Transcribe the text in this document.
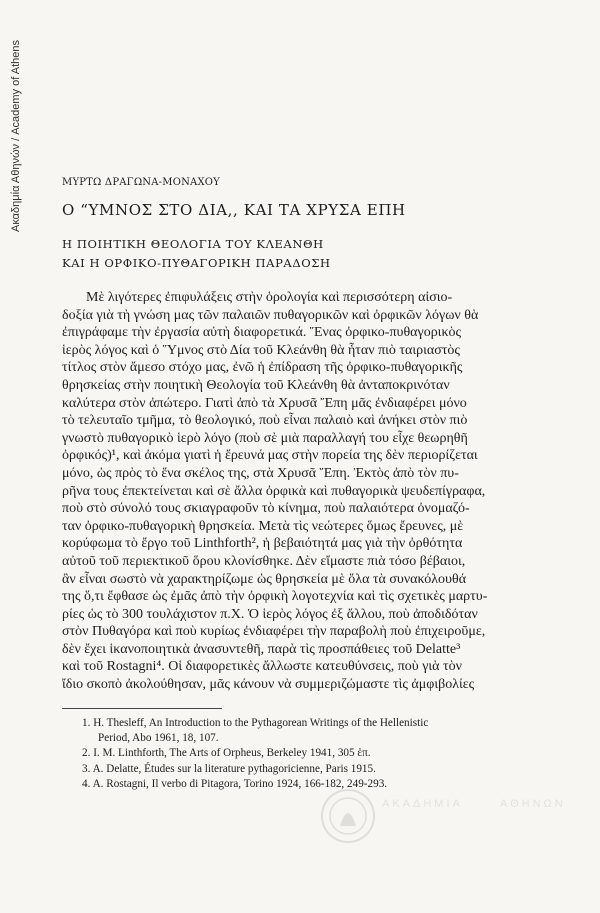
Ακαδημία Αθηνών / Academy of Athens	ΜΥΡΤΩ ΔΡΑΓΩΝΑ-ΜΟΝΑΧΟΥ
Ο “ΥΜΝΟΣ ΣΤΟ ΔΙΑ,, ΚΑΙ ΤΑ ΧΡΥΣΑ ΕΠΗ
Η ΠΟΙΗΤΙΚΗ ΘΕΟΛΟΓΙΑ ΤΟΥ ΚΛΕΑΝΘΗ
ΚΑΙ Η ΟΡΦΙΚΟ-ΠΥΘΑΓΟΡΙΚΗ ΠΑΡΑΔΟΣΗ
Μὲ λιγότερες ἐπιφυλάξεις στὴν ὁρολογία καὶ περισσότερη αἰσιο-
δοξία γιὰ τὴ γνώση μας τῶν παλαιῶν πυθαγορικῶν καὶ ὀρφικῶν λόγων θὰ
ἐπιγράφαμε τὴν ἐργασία αὐτὴ διαφορετικά. Ἕνας ὀρφικο-πυθαγορικὸς
ἱερὸς λόγος καὶ ὁ Ὕμνος στὸ Δία τοῦ Κλεάνθη θὰ ἦταν πιὸ ταιριαστὸς
τίτλος στὸν ἄμεσο στόχο μας, ἐνῶ ἡ ἐπίδραση τῆς ὀρφικο-πυθαγορικῆς
θρησκείας στὴν ποιητικὴ Θεολογία τοῦ Κλεάνθη θὰ ἀνταποκρινόταν
καλύτερα στὸν ἀπώτερο. Γιατὶ ἀπὸ τὰ Χρυσᾶ Ἔπη μᾶς ἐνδιαφέρει μόνο
τὸ τελευταῖο τμῆμα, τὸ θεολογικό, ποὺ εἶναι παλαιὸ καὶ ἀνήκει στὸν πιὸ
γνωστὸ πυθαγορικὸ ἱερὸ λόγο (ποὺ σὲ μιὰ παραλλαγή του εἶχε θεωρηθῆ
ὀρφικός)¹, καὶ ἀκόμα γιατὶ ἡ ἔρευνά μας στὴν πορεία της δὲν περιορίζεται
μόνο, ὡς πρὸς τὸ ἕνα σκέλος της, στὰ Χρυσᾶ Ἔπη. Ἐκτὸς ἀπὸ τὸν πυ-
ρῆνα τους ἐπεκτείνεται καὶ σὲ ἄλλα ὀρφικὰ καὶ πυθαγορικὰ ψευδεπίγραφα,
ποὺ στὸ σύνολό τους σκιαγραφοῦν τὸ κίνημα, ποὺ παλαιότερα ὀνομαζό-
ταν ὀρφικο-πυθαγορικὴ θρησκεία. Μετὰ τὶς νεώτερες ὅμως ἔρευνες, μὲ
κορύφωμα τὸ ἔργο τοῦ Linthforth², ἡ βεβαιότητά μας γιὰ τὴν ὀρθότητα
αὐτοῦ τοῦ περιεκτικοῦ ὅρου κλονίσθηκε. Δὲν εἴμαστε πιὰ τόσο βέβαιοι,
ἂν εἶναι σωστὸ νὰ χαρακτηρίζωμε ὡς θρησκεία μὲ ὅλα τὰ συνακόλουθά
της ὅ,τι ἔφθασε ὡς ἐμᾶς ἀπὸ τὴν ὀρφικὴ λογοτεχνία καὶ τὶς σχετικὲς μαρτυ-
ρίες ὡς τὸ 300 τουλάχιστον π.Χ. Ὁ ἱερὸς λόγος ἐξ ἄλλου, ποὺ ἀποδιδόταν
στὸν Πυθαγόρα καὶ ποὺ κυρίως ἐνδιαφέρει τὴν παραβολὴ ποὺ ἐπιχειροῦμε,
δὲν ἔχει ἱκανοποιητικὰ ἀνασυντεθῆ, παρὰ τὶς προσπάθειες τοῦ Delatte³
καὶ τοῦ Rostagni⁴. Οἱ διαφορετικὲς ἄλλωστε κατευθύνσεις, ποὺ γιὰ τὸν
ἴδιο σκοπὸ ἀκολούθησαν, μᾶς κάνουν νὰ συμμεριζώμαστε τὶς ἀμφιβολίες
1. H. Thesleff, An Introduction to the Pythagorean Writings of the Hellenistic
Period, Abo 1961, 18, 107.
2. I. M. Linthforth, The Arts of Orpheus, Berkeley 1941, 305 ἑπ.
3. A. Delatte, Études sur la literature pythagoricienne, Paris 1915.
4. A. Rostagni, Il verbo di Pitagora, Torino 1924, 166-182, 249-293.
ΑΚΑΔΗΜΙΑ	ΑΘΗΝΩΝ
